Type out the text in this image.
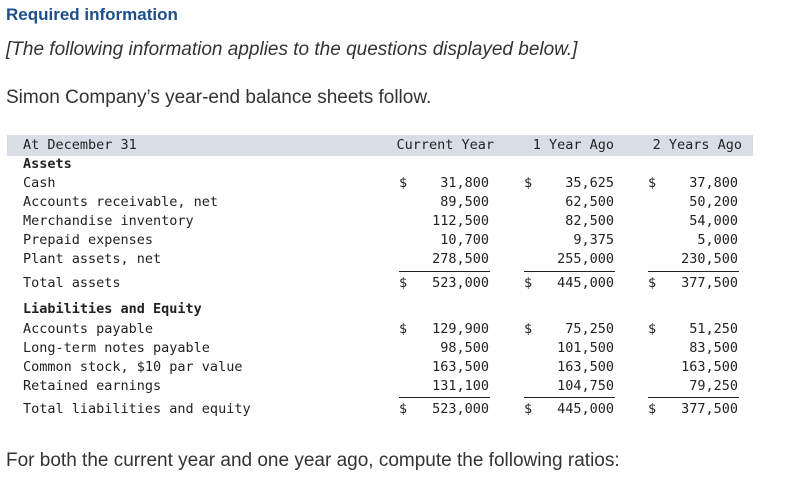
Required information
[The following information applies to the questions displayed below.]
Simon Company’s year-end balance sheets follow.
At December 31	Current Year	1 Year Ago	2 Years Ago
Assets
Cash	$ 31,800	$ 35,625	$ 37,800
Accounts receivable, net	89,500	62,500	50,200
Merchandise inventory	112,500	82,500	54,000
Prepaid expenses	10,700	9,375	5,000
Plant assets, net	278,500	255,000	230,500
Total assets	$ 523,000	$ 445,000	$ 377,500
Liabilities and Equity
Accounts payable	$ 129,900	$ 75,250	$ 51,250
Long-term notes payable	98,500	101,500	83,500
Common stock, $10 par value	163,500	163,500	163,500
Retained earnings	131,100	104,750	79,250
Total liabilities and equity	$ 523,000	$ 445,000	$ 377,500
For both the current year and one year ago, compute the following ratios:
